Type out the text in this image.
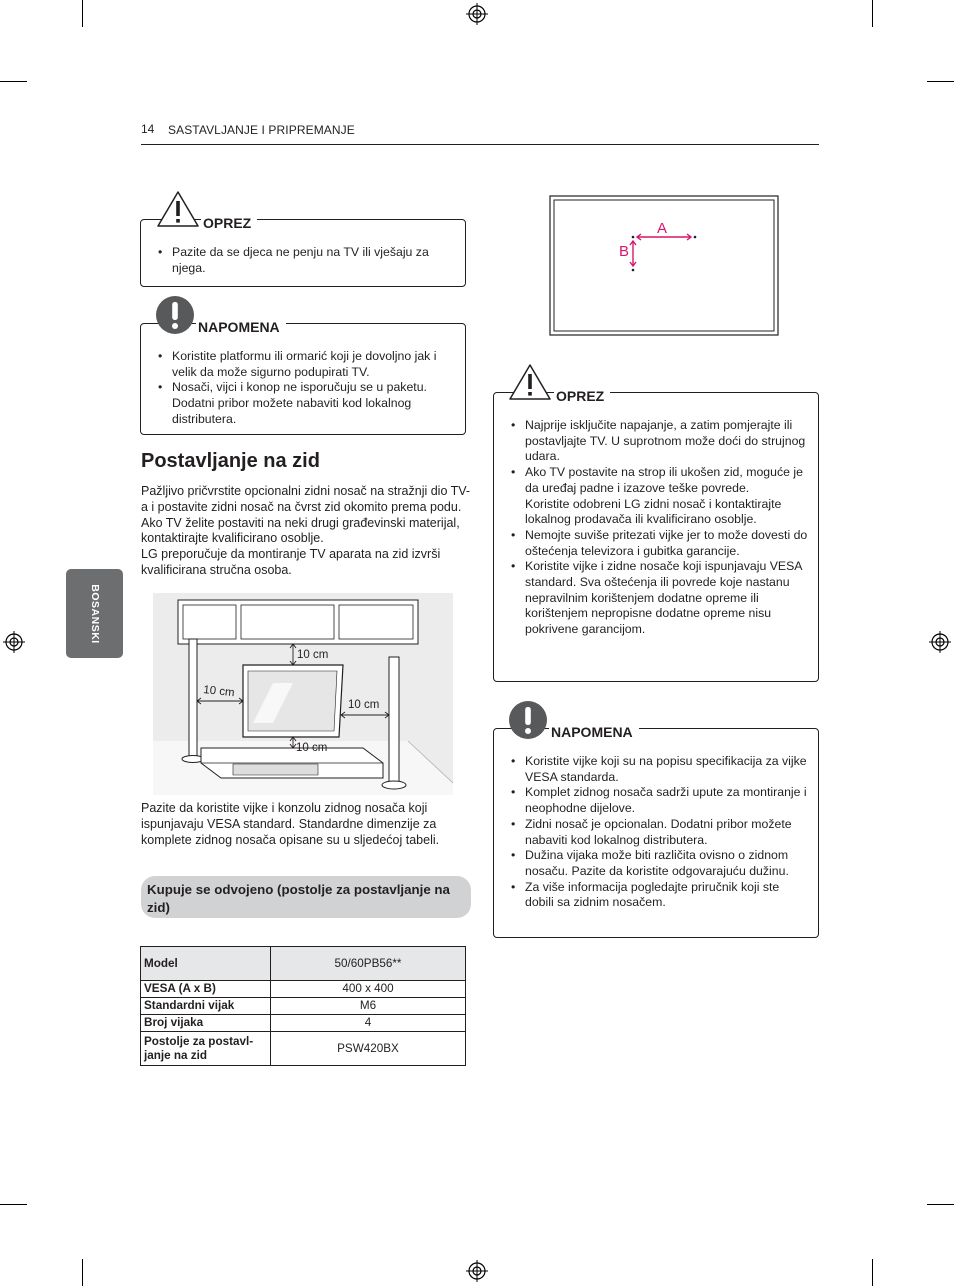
14 SASTAVLJANJE I PRIPREMANJE
BOSANSKI
• Pazite da se djeca ne penju na TV ili vješaju za njega.
OPREZ
• Koristite platformu ili ormarić koji je dovoljno jak i velik da može sigurno podupirati TV.
• Nosači, vijci i konop ne isporučuju se u paketu. Dodatni pribor možete nabaviti kod lokalnog distributera.
NAPOMENA
Postavljanje na zid
Pažljivo pričvrstite opcionalni zidni nosač na stražnji dio TV-a i postavite zidni nosač na čvrst zid okomito prema podu. Ako TV želite postaviti na neki drugi građevinski materijal, kontaktirajte kvalificirano osoblje.
LG preporučuje da montiranje TV aparata na zid izvrši kvalificirana stručna osoba.
10 cm
10 cm
10 cm
10 cm
Pazite da koristite vijke i konzolu zidnog nosača koji ispunjavaju VESA standard. Standardne dimenzije za komplete zidnog nosača opisane su u sljedećoj tabeli.
Kupuje se odvojeno (postolje za postavljanje na zid)
Model	50/60PB56**
VESA (A x B)	400 x 400
Standardni vijak	M6
Broj vijaka	4
Postolje za postavl-janje na zid	PSW420BX
A
B
• Najprije isključite napajanje, a zatim pomjerajte ili postavljajte TV. U suprotnom može doći do strujnog udara.
• Ako TV postavite na strop ili ukošen zid, moguće je da uređaj padne i izazove teške povrede.
Koristite odobreni LG zidni nosač i kontaktirajte lokalnog prodavača ili kvalificirano osoblje.
• Nemojte suviše pritezati vijke jer to može dovesti do oštećenja televizora i gubitka garancije.
• Koristite vijke i zidne nosače koji ispunjavaju VESA standard. Sva oštećenja ili povrede koje nastanu nepravilnim korištenjem dodatne opreme ili korištenjem nepropisne dodatne opreme nisu pokrivene garancijom.
OPREZ
• Koristite vijke koji su na popisu specifikacija za vijke VESA standarda.
• Komplet zidnog nosača sadrži upute za montiranje i neophodne dijelove.
• Zidni nosač je opcionalan. Dodatni pribor možete nabaviti kod lokalnog distributera.
• Dužina vijaka može biti različita ovisno o zidnom nosaču. Pazite da koristite odgovarajuću dužinu.
• Za više informacija pogledajte priručnik koji ste dobili sa zidnim nosačem.
NAPOMENA
